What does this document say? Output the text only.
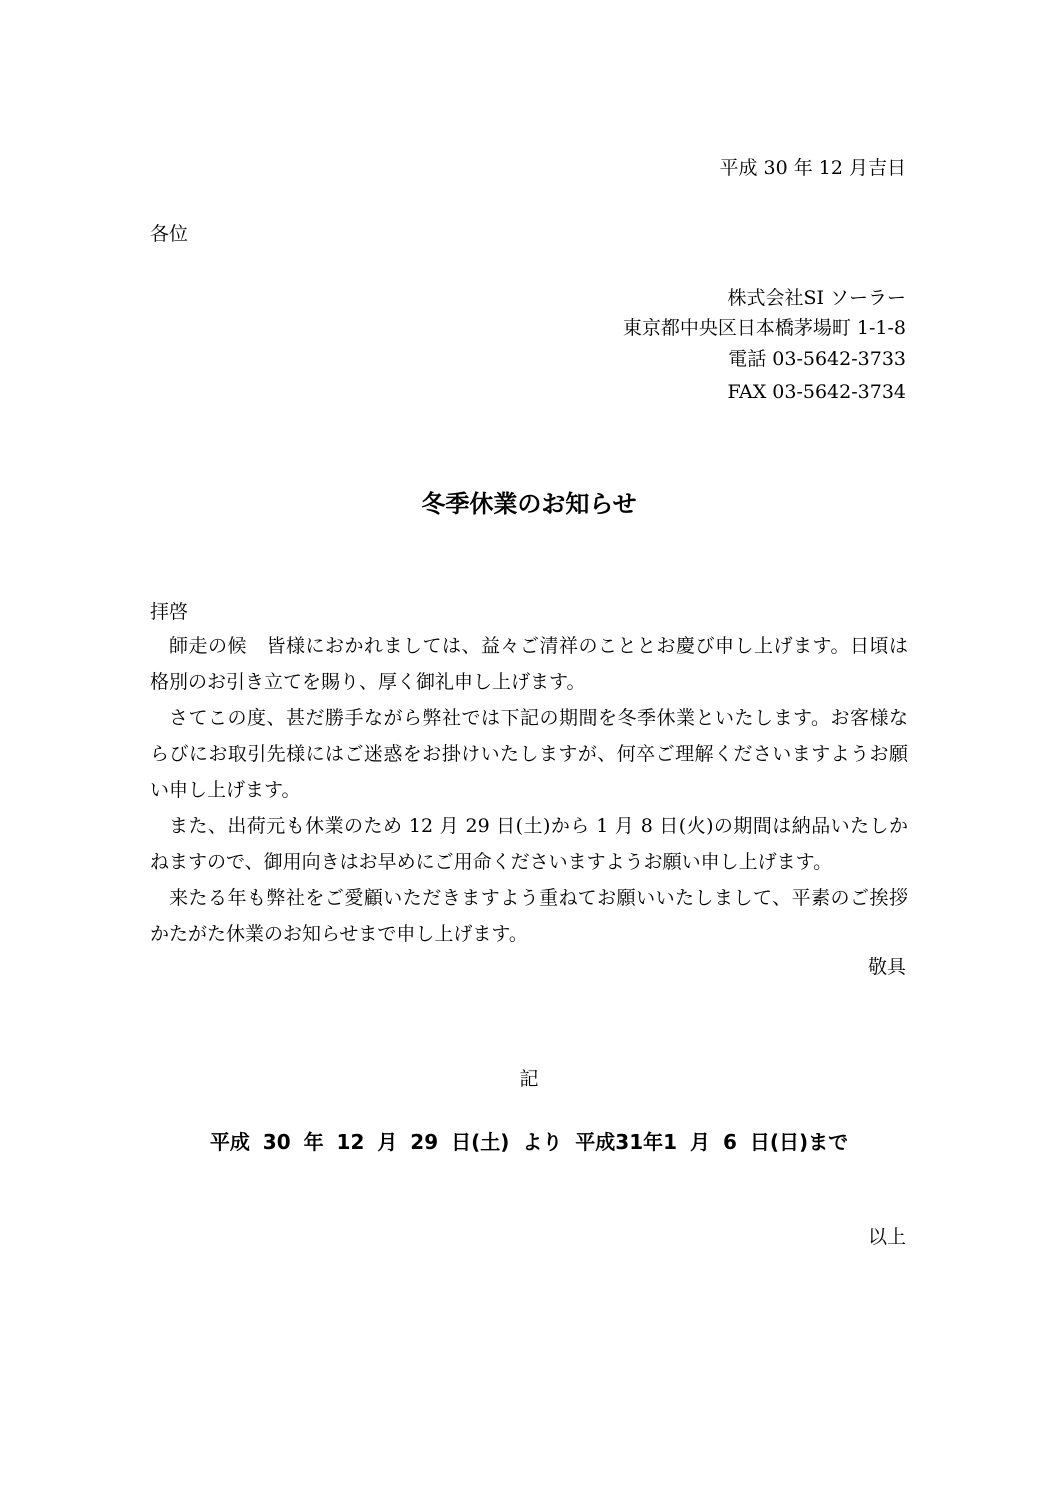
平成 30 年 12 月吉日
各位
株式会社SI ソーラー
東京都中央区日本橋茅場町 1-1-8
電話 03-5642-3733
FAX 03-5642-3734
冬季休業のお知らせ
拝啓

師走の候　皆様におかれましては、益々ご清祥のこととお慶び申し上げます。日頃は格別のお引き立てを賜り、厚く御礼申し上げます。

さてこの度、甚だ勝手ながら弊社では下記の期間を冬季休業といたします。お客様ならびにお取引先様にはご迷惑をお掛けいたしますが、何卒ご理解くださいますようお願い申し上げます。

また、出荷元も休業のため 12 月 29 日(土)から 1 月 8 日(火)の期間は納品いたしかねますので、御用向きはお早めにご用命くださいますようお願い申し上げます。

来たる年も弊社をご愛顧いただきますよう重ねてお願いいたしまして、平素のご挨拶かたがた休業のお知らせまで申し上げます。

敬具
記
平成 30 年 12 月 29 日(土) より 平成31年1 月 6 日(日)まで
以上
